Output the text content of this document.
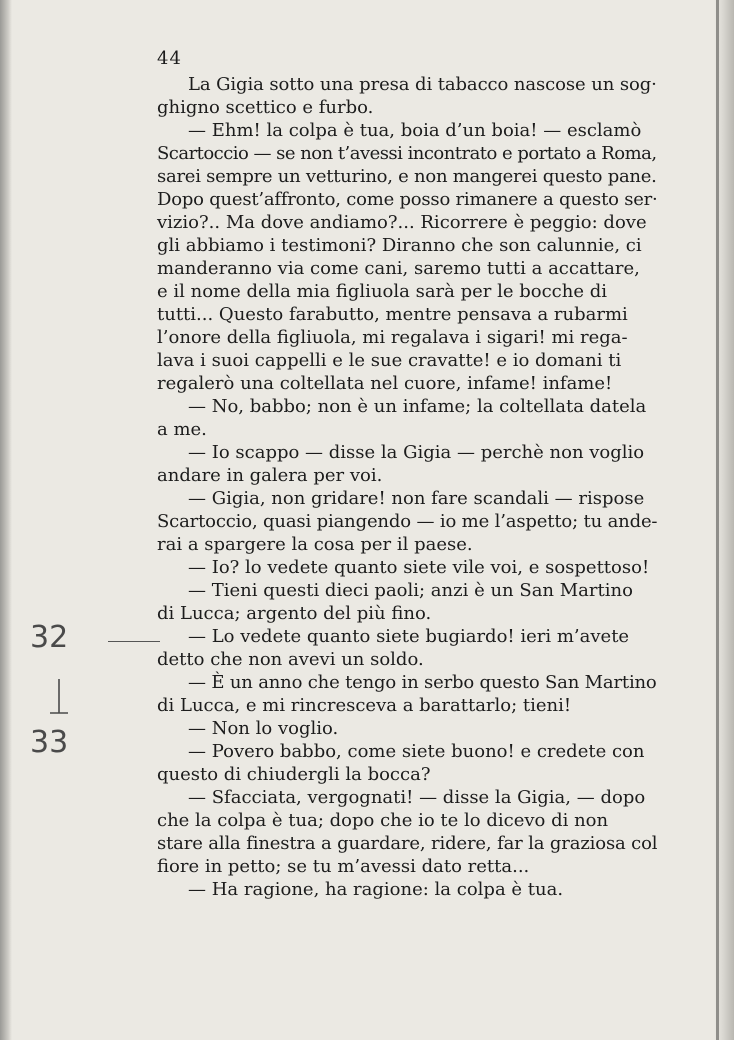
44
La Gigia sotto una presa di tabacco nascose un sog·
ghigno scettico e furbo.
— Ehm! la colpa è tua, boia d’un boia! — esclamò
Scartoccio — se non t’avessi incontrato e portato a Roma,
sarei sempre un vetturino, e non mangerei questo pane.
Dopo quest’affronto, come posso rimanere a questo ser·
vizio?.. Ma dove andiamo?... Ricorrere è peggio: dove
gli abbiamo i testimoni? Diranno che son calunnie, ci
manderanno via come cani, saremo tutti a accattare,
e il nome della mia figliuola sarà per le bocche di
tutti... Questo farabutto, mentre pensava a rubarmi
l’onore della figliuola, mi regalava i sigari! mi rega-
lava i suoi cappelli e le sue cravatte! e io domani ti
regalerò una coltellata nel cuore, infame! infame!
— No, babbo; non è un infame; la coltellata datela
a me.
— Io scappo — disse la Gigia — perchè non voglio
andare in galera per voi.
— Gigia, non gridare! non fare scandali — rispose
Scartoccio, quasi piangendo — io me l’aspetto; tu ande-
rai a spargere la cosa per il paese.
— Io? lo vedete quanto siete vile voi, e sospettoso!
— Tieni questi dieci paoli; anzi è un San Martino
di Lucca; argento del più fino.
— Lo vedete quanto siete bugiardo! ieri m’avete
detto che non avevi un soldo.
— È un anno che tengo in serbo questo San Martino
di Lucca, e mi rincresceva a barattarlo; tieni!
— Non lo voglio.
— Povero babbo, come siete buono! e credete con
questo di chiudergli la bocca?
— Sfacciata, vergognati! — disse la Gigia, — dopo
che la colpa è tua; dopo che io te lo dicevo di non
stare alla finestra a guardare, ridere, far la graziosa col
fiore in petto; se tu m’avessi dato retta...
— Ha ragione, ha ragione: la colpa è tua.
32
33
